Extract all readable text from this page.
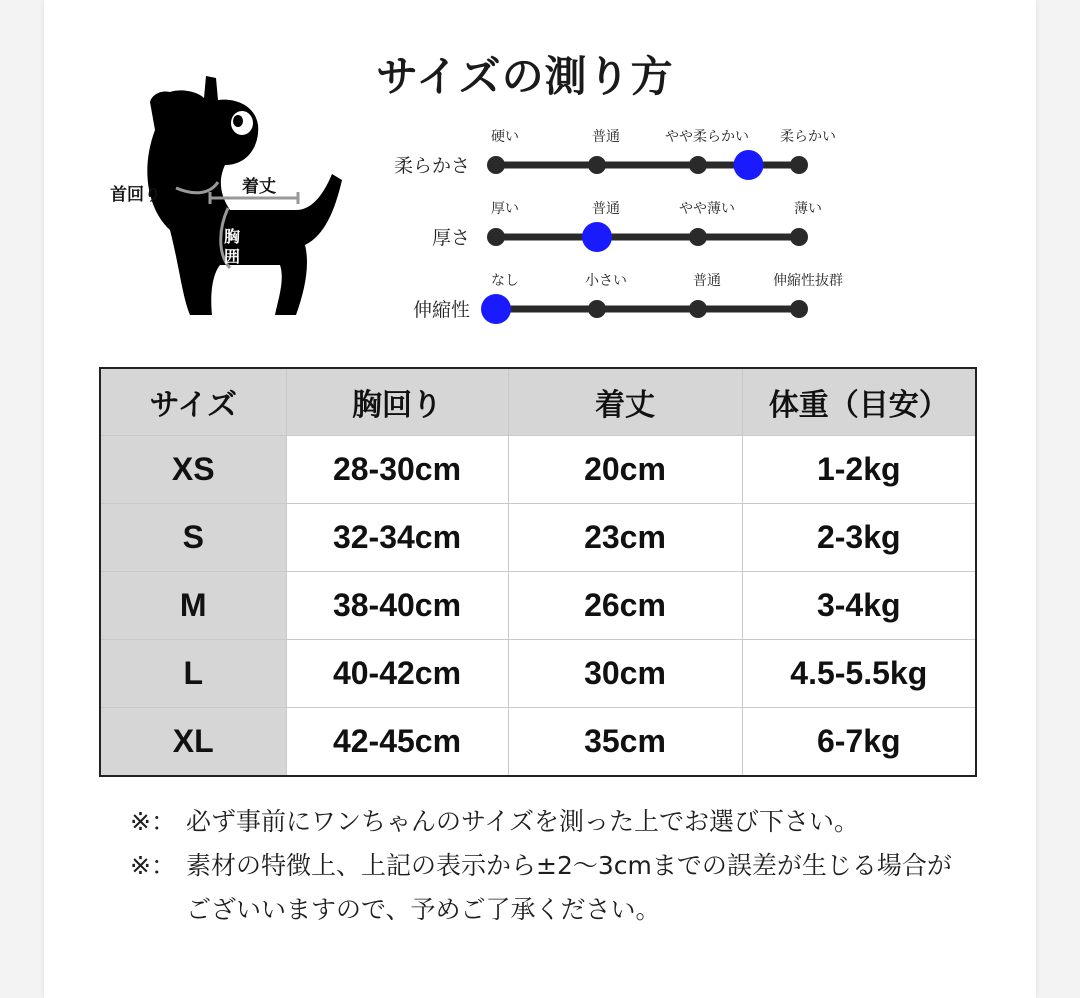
サイズの測り方
首回り	着丈
胸
囲
柔らかさ
硬い	普通	やや柔らかい 柔らかい
厚さ
厚い	普通	やや薄い	薄い
伸縮性
なし	小さい	普通	伸縮性抜群
サイズ	胸回り	着丈	体重（目安）
XS	28-30cm	20cm	1-2kg
S	32-34cm	23cm	2-3kg
M	38-40cm	26cm	3-4kg
L	40-42cm	30cm	4.5-5.5kg
XL	42-45cm	35cm	6-7kg
※： 必ず事前にワンちゃんのサイズを測った上でお選び下さい。
※： 素材の特徴上、上記の表示から±2〜3cmまでの誤差が生じる場合がございいますので、予めご了承ください。
